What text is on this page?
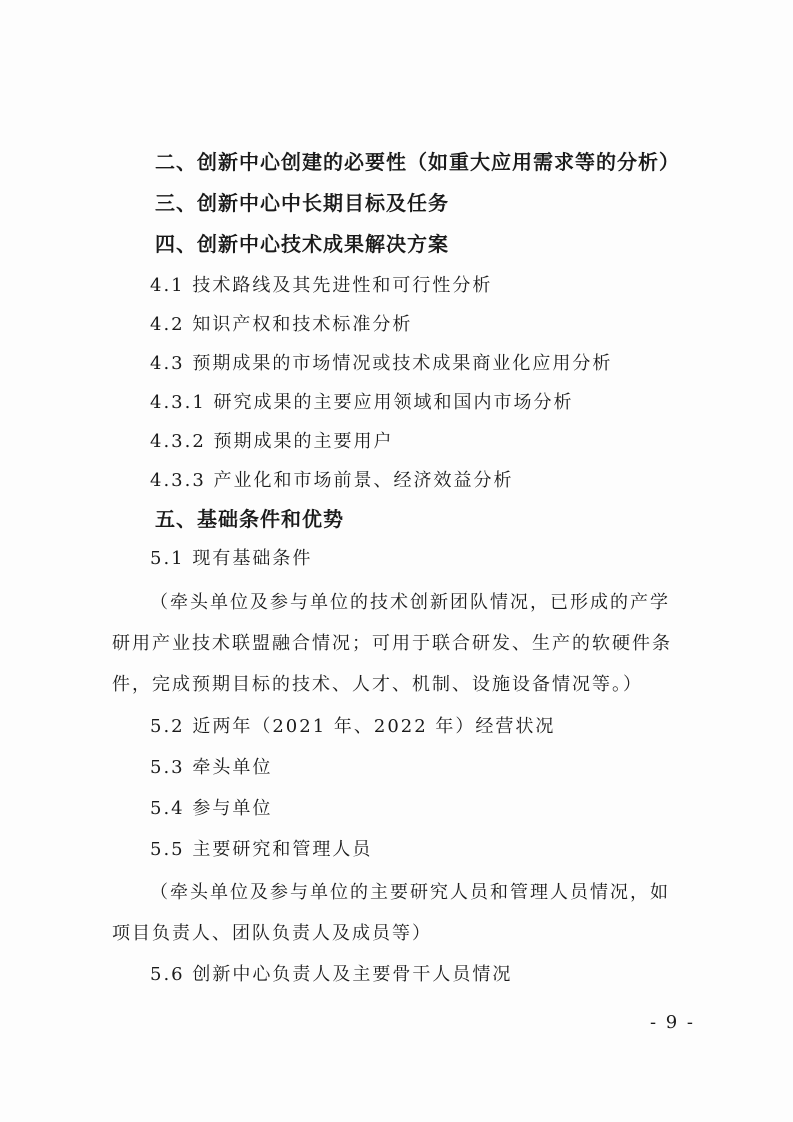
二、创新中心创建的必要性（如重大应用需求等的分析）
三、创新中心中长期目标及任务
四、创新中心技术成果解决方案
4.1 技术路线及其先进性和可行性分析
4.2 知识产权和技术标准分析
4.3 预期成果的市场情况或技术成果商业化应用分析
4.3.1 研究成果的主要应用领域和国内市场分析
4.3.2 预期成果的主要用户
4.3.3 产业化和市场前景、经济效益分析
五、基础条件和优势
5.1 现有基础条件
（牵头单位及参与单位的技术创新团队情况，已形成的产学
研用产业技术联盟融合情况；可用于联合研发、生产的软硬件条
件，完成预期目标的技术、人才、机制、设施设备情况等。）
5.2 近两年（2021 年、2022 年）经营状况
5.3 牵头单位
5.4 参与单位
5.5 主要研究和管理人员
（牵头单位及参与单位的主要研究人员和管理人员情况，如
项目负责人、团队负责人及成员等）
5.6 创新中心负责人及主要骨干人员情况
- 9 -
